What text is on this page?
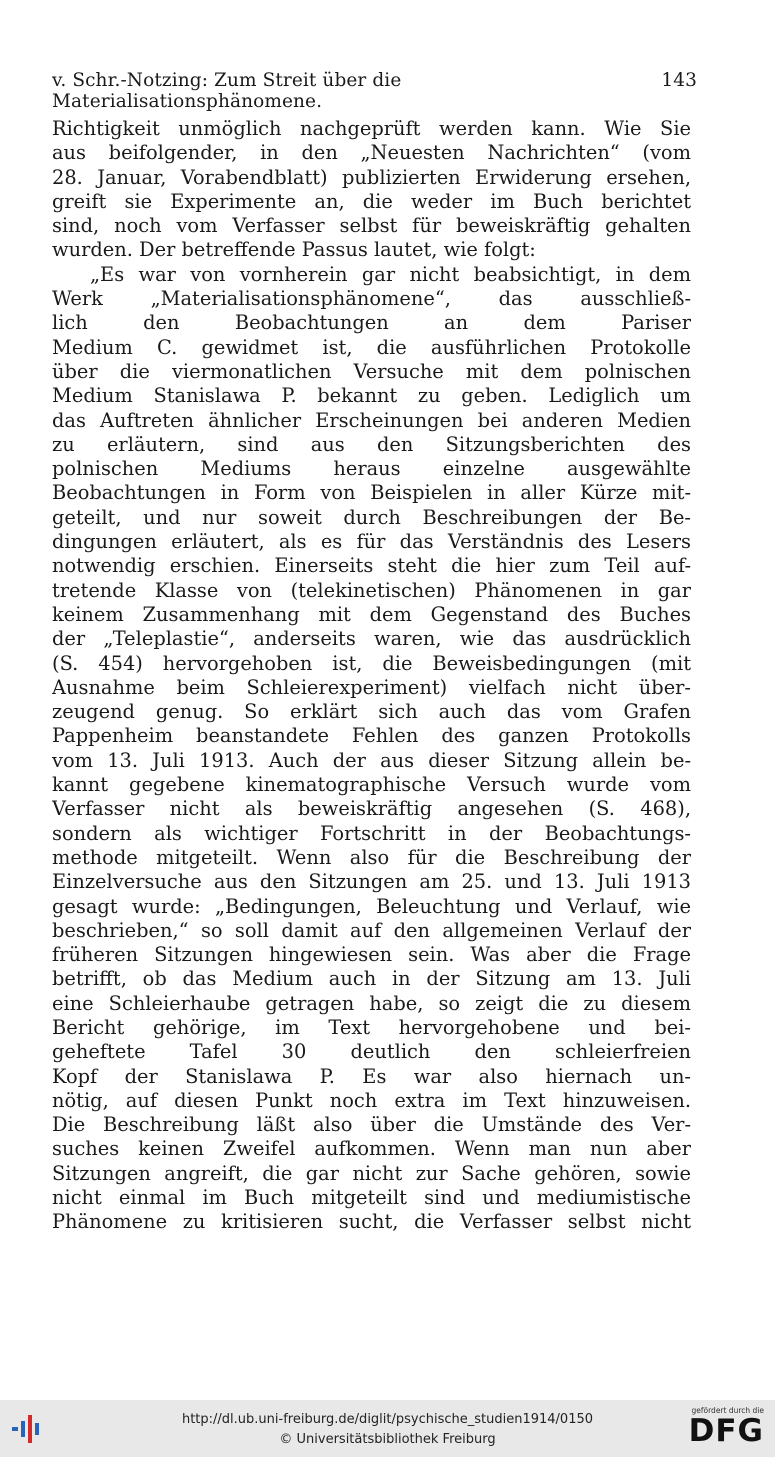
v. Schr.-Notzing: Zum Streit über die Materialisationsphänomene.
143
Richtigkeit unmöglich nachgeprüft werden kann. Wie Sie
aus beifolgender, in den „Neuesten Nachrichten“ (vom
28. Januar, Vorabendblatt) publizierten Erwiderung ersehen,
greift sie Experimente an, die weder im Buch berichtet
sind, noch vom Verfasser selbst für beweiskräftig gehalten
wurden. Der betreffende Passus lautet, wie folgt:
„Es war von vornherein gar nicht beabsichtigt, in dem
Werk „Materialisationsphänomene“, das ausschließ-
lich den Beobachtungen an dem Pariser
Medium C. gewidmet ist, die ausführlichen Protokolle
über die viermonatlichen Versuche mit dem polnischen
Medium Stanislawa P. bekannt zu geben. Lediglich um
das Auftreten ähnlicher Erscheinungen bei anderen Medien
zu erläutern, sind aus den Sitzungsberichten des
polnischen Mediums heraus einzelne ausgewählte
Beobachtungen in Form von Beispielen in aller Kürze mit-
geteilt, und nur soweit durch Beschreibungen der Be-
dingungen erläutert, als es für das Verständnis des Lesers
notwendig erschien. Einerseits steht die hier zum Teil auf-
tretende Klasse von (telekinetischen) Phänomenen in gar
keinem Zusammenhang mit dem Gegenstand des Buches
der „Teleplastie“, anderseits waren, wie das ausdrücklich
(S. 454) hervorgehoben ist, die Beweisbedingungen (mit
Ausnahme beim Schleierexperiment) vielfach nicht über-
zeugend genug. So erklärt sich auch das vom Grafen
Pappenheim beanstandete Fehlen des ganzen Protokolls
vom 13. Juli 1913. Auch der aus dieser Sitzung allein be-
kannt gegebene kinematographische Versuch wurde vom
Verfasser nicht als beweiskräftig angesehen (S. 468),
sondern als wichtiger Fortschritt in der Beobachtungs-
methode mitgeteilt. Wenn also für die Beschreibung der
Einzelversuche aus den Sitzungen am 25. und 13. Juli 1913
gesagt wurde: „Bedingungen, Beleuchtung und Verlauf, wie
beschrieben,“ so soll damit auf den allgemeinen Verlauf der
früheren Sitzungen hingewiesen sein. Was aber die Frage
betrifft, ob das Medium auch in der Sitzung am 13. Juli
eine Schleierhaube getragen habe, so zeigt die zu diesem
Bericht gehörige, im Text hervorgehobene und bei-
geheftete Tafel 30 deutlich den schleierfreien
Kopf der Stanislawa P. Es war also hiernach un-
nötig, auf diesen Punkt noch extra im Text hinzuweisen.
Die Beschreibung läßt also über die Umstände des Ver-
suches keinen Zweifel aufkommen. Wenn man nun aber
Sitzungen angreift, die gar nicht zur Sache gehören, sowie
nicht einmal im Buch mitgeteilt sind und mediumistische
Phänomene zu kritisieren sucht, die Verfasser selbst nicht
http://dl.ub.uni-freiburg.de/diglit/psychische_studien1914/0150
© Universitätsbibliothek Freiburg
gefördert durch die
DFG
